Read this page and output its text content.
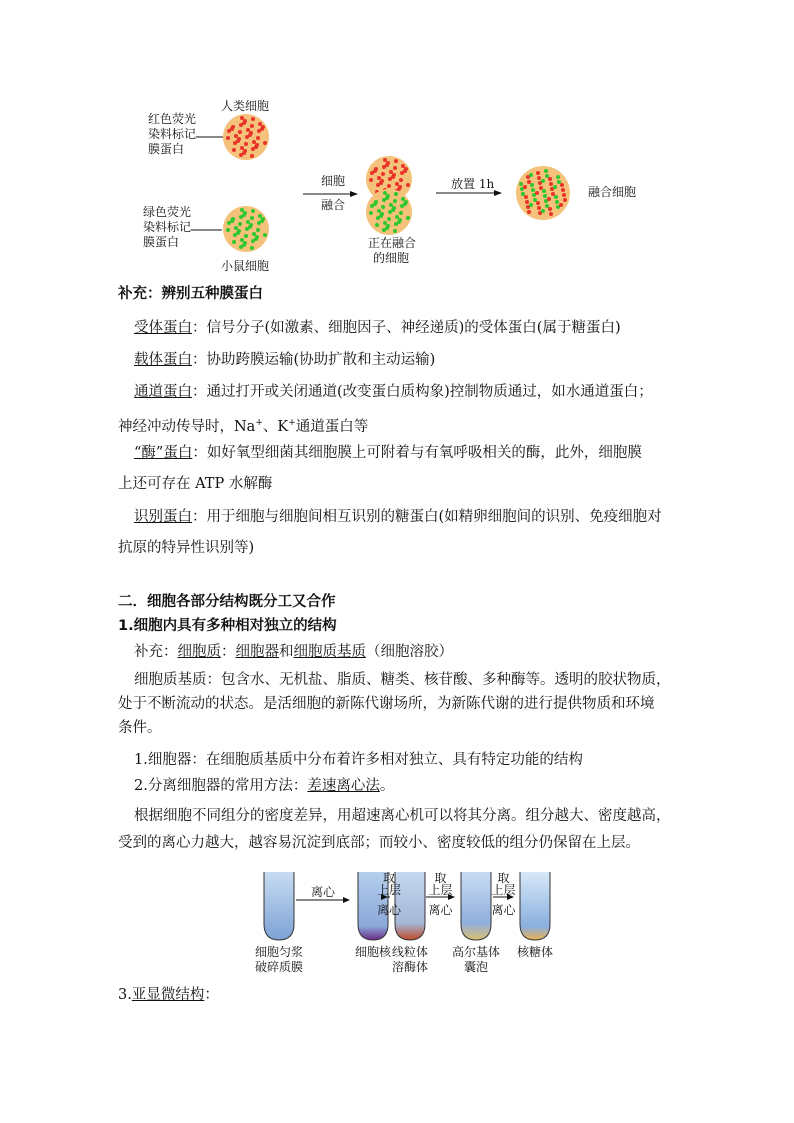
人类细胞
红色荧光
染料标记
膜蛋白
绿色荧光
染料标记
膜蛋白
小鼠细胞
细胞
融合
正在融合
的细胞
放置 1h
融合细胞
补充：辨别五种膜蛋白
受体蛋白：信号分子(如激素、细胞因子、神经递质)的受体蛋白(属于糖蛋白)
载体蛋白：协助跨膜运输(协助扩散和主动运输)
通道蛋白：通过打开或关闭通道(改变蛋白质构象)控制物质通过，如水通道蛋白；
神经冲动传导时，Na+、K+通道蛋白等
“酶”蛋白：如好氧型细菌其细胞膜上可附着与有氧呼吸相关的酶，此外，细胞膜
上还可存在 ATP 水解酶
识别蛋白：用于细胞与细胞间相互识别的糖蛋白(如精卵细胞间的识别、免疫细胞对
抗原的特异性识别等)
二．细胞各部分结构既分工又合作
1.细胞内具有多种相对独立的结构
补充：细胞质：细胞器和细胞质基质（细胞溶胶）
细胞质基质：包含水、无机盐、脂质、糖类、核苷酸、多种酶等。透明的胶状物质，
处于不断流动的状态。是活细胞的新陈代谢场所，为新陈代谢的进行提供物质和环境
条件。
1.细胞器：在细胞质基质中分布着许多相对独立、具有特定功能的结构
2.分离细胞器的常用方法：差速离心法。
根据细胞不同组分的密度差异，用超速离心机可以将其分离。组分越大、密度越高，
受到的离心力越大，越容易沉淀到底部；而较小、密度较低的组分仍保留在上层。
离心
取
上层
离心
取
上层
离心
取
上层
离心
细胞匀浆
破碎质膜
细胞核 线粒体
溶酶体
高尔基体
囊泡
核糖体
3.亚显微结构：
